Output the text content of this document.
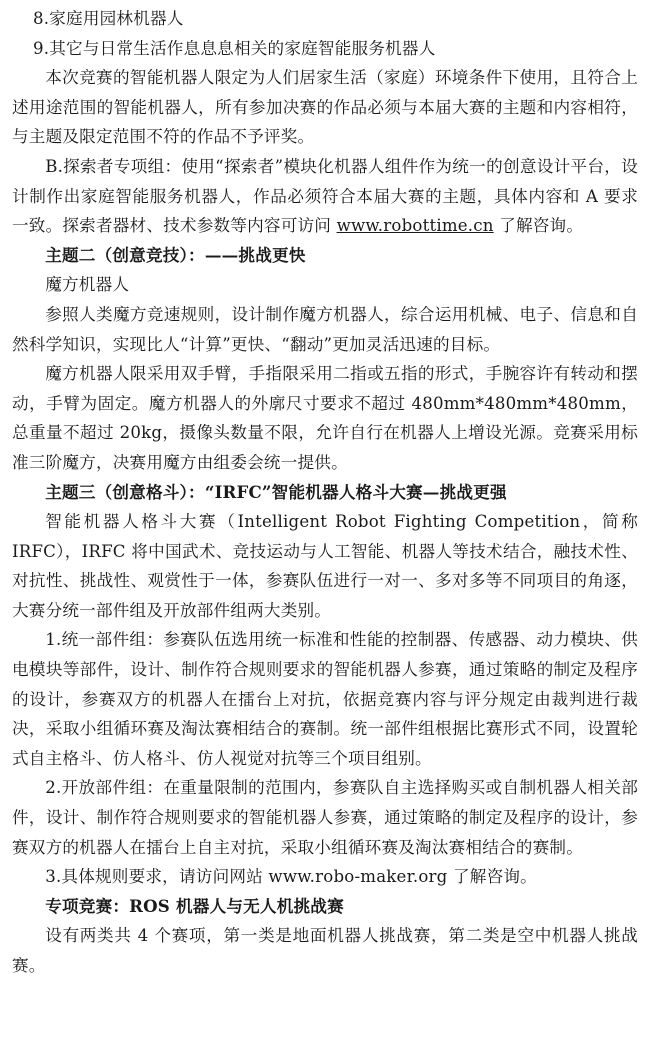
8.家庭用园林机器人

9.其它与日常生活作息息息相关的家庭智能服务机器人

本次竞赛的智能机器人限定为人们居家生活（家庭）环境条件下使用，且符合上述用途范围的智能机器人，所有参加决赛的作品必须与本届大赛的主题和内容相符，与主题及限定范围不符的作品不予评奖。

B.探索者专项组：使用“探索者”模块化机器人组件作为统一的创意设计平台，设计制作出家庭智能服务机器人，作品必须符合本届大赛的主题，具体内容和 A 要求一致。探索者器材、技术参数等内容可访问 www.robottime.cn 了解咨询。

主题二（创意竞技）：——挑战更快

魔方机器人

参照人类魔方竞速规则，设计制作魔方机器人，综合运用机械、电子、信息和自然科学知识，实现比人“计算”更快、“翻动”更加灵活迅速的目标。

魔方机器人限采用双手臂，手指限采用二指或五指的形式，手腕容许有转动和摆动，手臂为固定。魔方机器人的外廓尺寸要求不超过 480mm*480mm*480mm，总重量不超过 20kg，摄像头数量不限，允许自行在机器人上增设光源。竞赛采用标准三阶魔方，决赛用魔方由组委会统一提供。

主题三（创意格斗）：“IRFC”智能机器人格斗大赛—挑战更强

智能机器人格斗大赛（Intelligent Robot Fighting Competition，简称 IRFC），IRFC 将中国武术、竞技运动与人工智能、机器人等技术结合，融技术性、对抗性、挑战性、观赏性于一体，参赛队伍进行一对一、多对多等不同项目的角逐，大赛分统一部件组及开放部件组两大类别。

1.统一部件组：参赛队伍选用统一标准和性能的控制器、传感器、动力模块、供电模块等部件，设计、制作符合规则要求的智能机器人参赛，通过策略的制定及程序的设计，参赛双方的机器人在擂台上对抗，依据竞赛内容与评分规定由裁判进行裁决，采取小组循环赛及淘汰赛相结合的赛制。统一部件组根据比赛形式不同，设置轮式自主格斗、仿人格斗、仿人视觉对抗等三个项目组别。

2.开放部件组：在重量限制的范围内，参赛队自主选择购买或自制机器人相关部件，设计、制作符合规则要求的智能机器人参赛，通过策略的制定及程序的设计，参赛双方的机器人在擂台上自主对抗，采取小组循环赛及淘汰赛相结合的赛制。

3.具体规则要求，请访问网站 www.robo-maker.org 了解咨询。

专项竞赛：ROS 机器人与无人机挑战赛

设有两类共 4 个赛项，第一类是地面机器人挑战赛，第二类是空中机器人挑战赛。
